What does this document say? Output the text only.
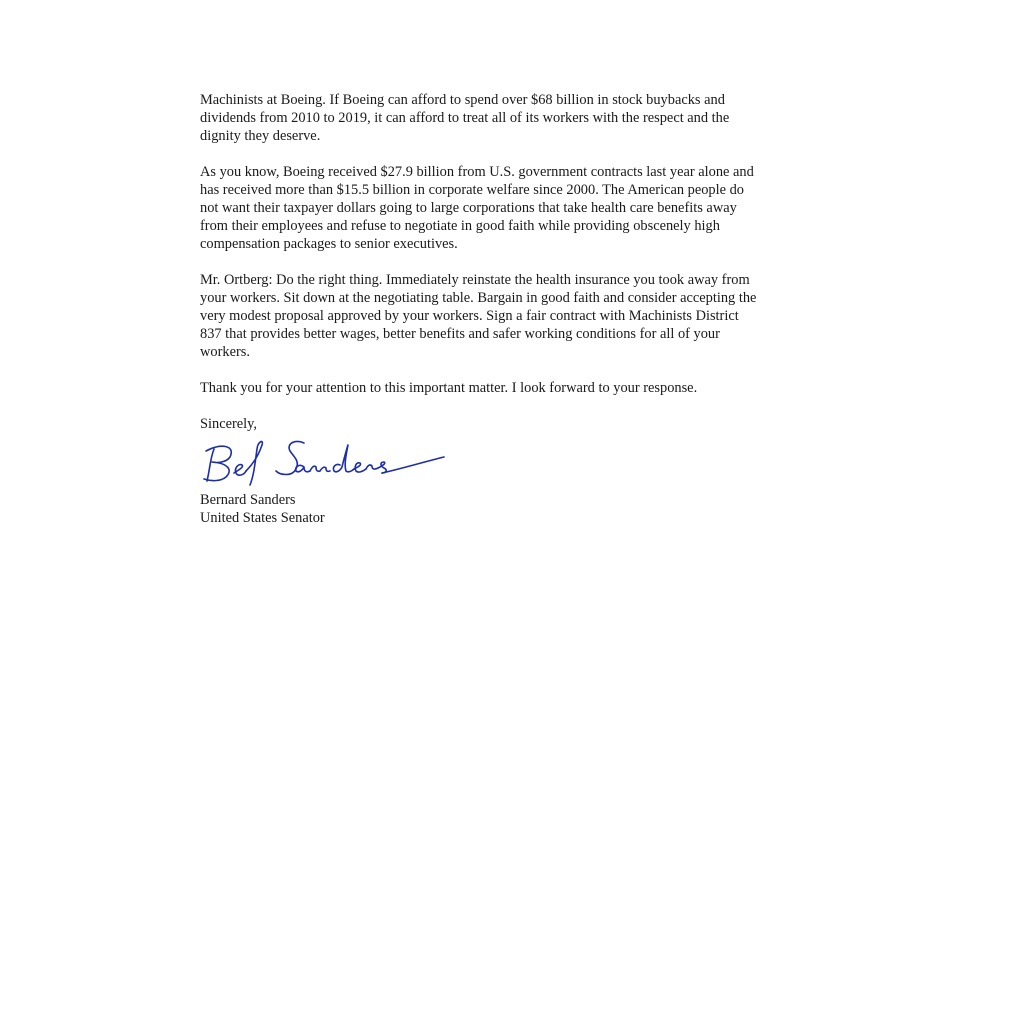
Machinists at Boeing. If Boeing can afford to spend over $68 billion in stock buybacks and
dividends from 2010 to 2019, it can afford to treat all of its workers with the respect and the
dignity they deserve.

As you know, Boeing received $27.9 billion from U.S. government contracts last year alone and
has received more than $15.5 billion in corporate welfare since 2000. The American people do
not want their taxpayer dollars going to large corporations that take health care benefits away
from their employees and refuse to negotiate in good faith while providing obscenely high
compensation packages to senior executives.

Mr. Ortberg: Do the right thing. Immediately reinstate the health insurance you took away from
your workers. Sit down at the negotiating table. Bargain in good faith and consider accepting the
very modest proposal approved by your workers. Sign a fair contract with Machinists District
837 that provides better wages, better benefits and safer working conditions for all of your
workers.

Thank you for your attention to this important matter. I look forward to your response.

Sincerely,

Bernard Sanders
United States Senator
